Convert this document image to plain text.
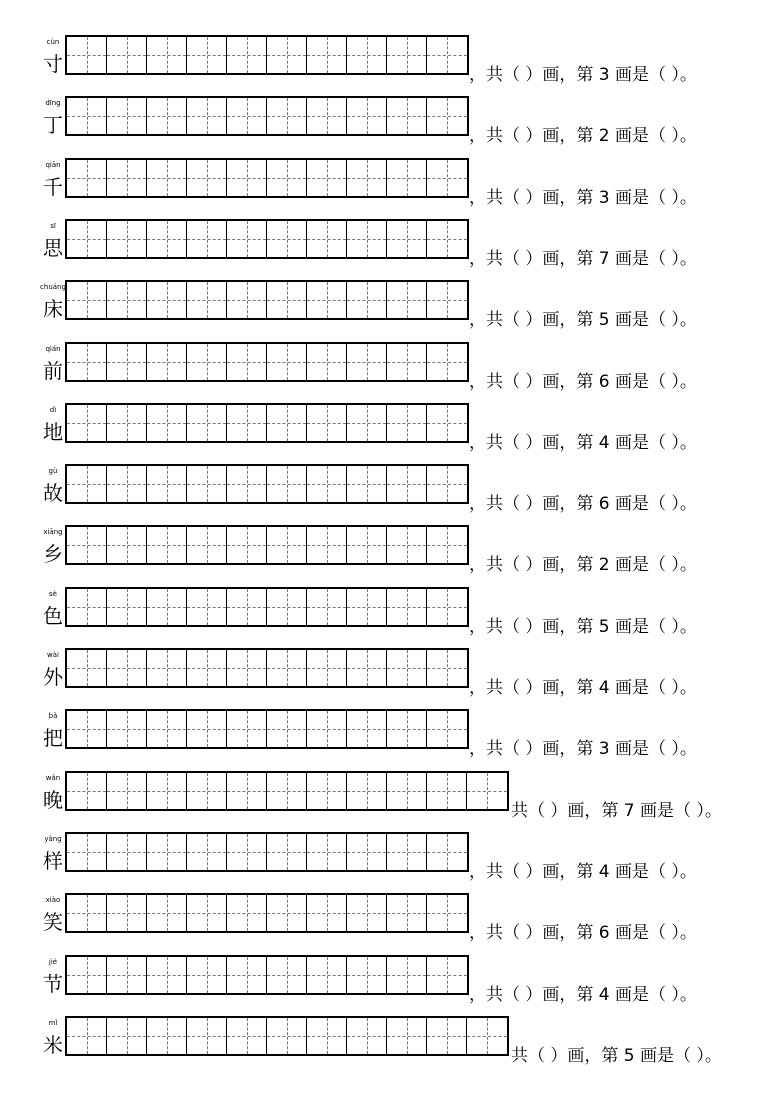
cùn
寸	，共（ ）画，第 3 画是（ ）。
dīng
丁	，共（ ）画，第 2 画是（ ）。
qiān
千	，共（ ）画，第 3 画是（ ）。
sī
思	，共（ ）画，第 7 画是（ ）。
chuáng
床	，共（ ）画，第 5 画是（ ）。
qián
前	，共（ ）画，第 6 画是（ ）。
dì
地	，共（ ）画，第 4 画是（ ）。
gù
故	，共（ ）画，第 6 画是（ ）。
xiāng
乡	，共（ ）画，第 2 画是（ ）。
sè
色	，共（ ）画，第 5 画是（ ）。
wài
外	，共（ ）画，第 4 画是（ ）。
bǎ
把	，共（ ）画，第 3 画是（ ）。
wǎn
晚	共（ ）画，第 7 画是（ ）。
yàng
样	，共（ ）画，第 4 画是（ ）。
xiào
笑	，共（ ）画，第 6 画是（ ）。
jié
节	，共（ ）画，第 4 画是（ ）。
mǐ
米	共（ ）画，第 5 画是（ ）。
